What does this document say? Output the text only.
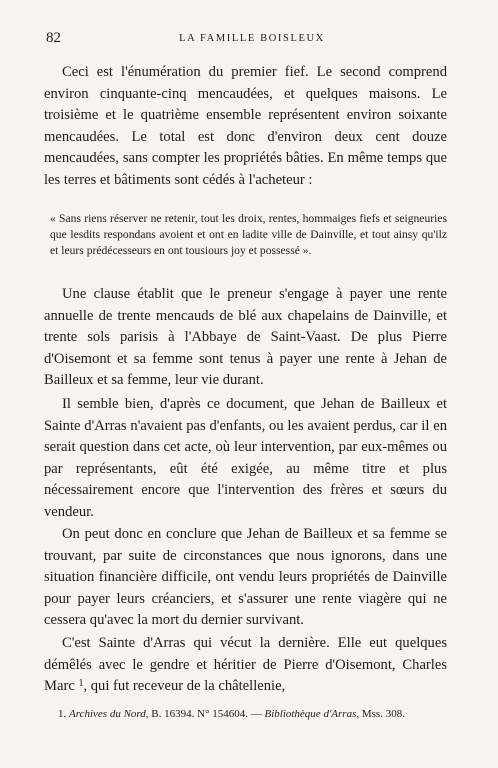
82	LA FAMILLE BOISLEUX

Ceci est l'énumération du premier fief. Le second comprend environ cinquante-cinq mencaudées, et quelques maisons. Le troisième et le quatrième ensemble représentent environ soixante mencaudées. Le total est donc d'environ deux cent douze mencaudées, sans compter les propriétés bâties. En même temps que les terres et bâtiments sont cédés à l'acheteur :

« Sans riens réserver ne retenir, tout les droix, rentes, hommaiges fiefs et seigneuries que lesdits respondans avoient et ont en ladite ville de Dainville, et tout ainsy qu'ilz et leurs prédécesseurs en ont tousiours joy et possessé ».

Une clause établit que le preneur s'engage à payer une rente annuelle de trente mencauds de blé aux chapelains de Dainville, et trente sols parisis à l'Abbaye de Saint-Vaast. De plus Pierre d'Oisemont et sa femme sont tenus à payer une rente à Jehan de Bailleux et sa femme, leur vie durant.

Il semble bien, d'après ce document, que Jehan de Bailleux et Sainte d'Arras n'avaient pas d'enfants, ou les avaient perdus, car il en serait question dans cet acte, où leur intervention, par eux-mêmes ou par représentants, eût été exigée, au même titre et plus nécessairement encore que l'intervention des frères et sœurs du vendeur.

On peut donc en conclure que Jehan de Bailleux et sa femme se trouvant, par suite de circonstances que nous ignorons, dans une situation financière difficile, ont vendu leurs propriétés de Dainville pour payer leurs créanciers, et s'assurer une rente viagère qui ne cessera qu'avec la mort du dernier survivant.

C'est Sainte d'Arras qui vécut la dernière. Elle eut quelques démêlés avec le gendre et héritier de Pierre d'Oisemont, Charles Marc $^1$, qui fut receveur de la châtellenie,

1. Archives du Nord, B. 16394. N° 154604. — Bibliothèque d'Arras, Mss. 308.
